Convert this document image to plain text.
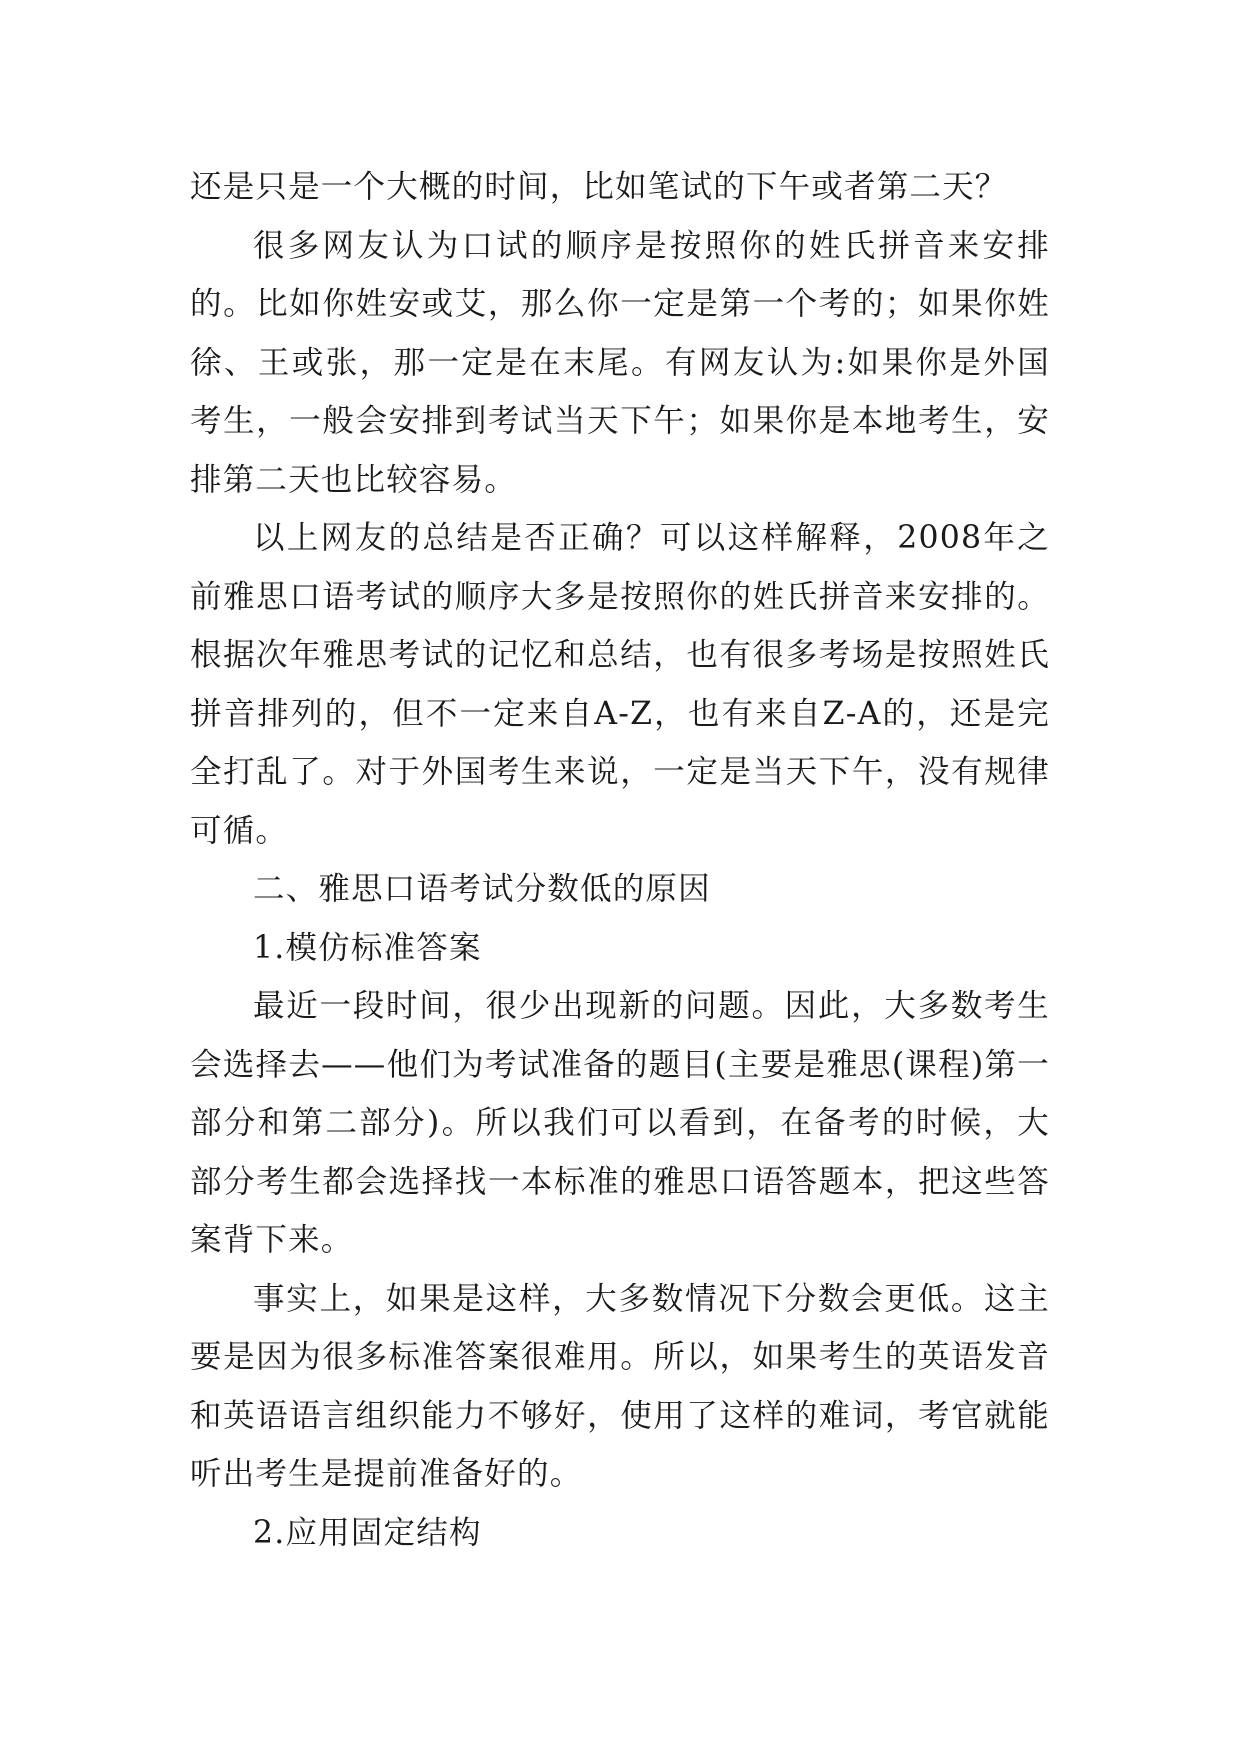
还是只是一个大概的时间，比如笔试的下午或者第二天？

很多网友认为口试的顺序是按照你的姓氏拼音来安排的。比如你姓安或艾，那么你一定是第一个考的；如果你姓徐、王或张，那一定是在末尾。有网友认为:如果你是外国考生，一般会安排到考试当天下午；如果你是本地考生，安排第二天也比较容易。

以上网友的总结是否正确？可以这样解释，2008年之前雅思口语考试的顺序大多是按照你的姓氏拼音来安排的。根据次年雅思考试的记忆和总结，也有很多考场是按照姓氏拼音排列的，但不一定来自A-Z，也有来自Z-A的，还是完全打乱了。对于外国考生来说，一定是当天下午，没有规律可循。

二、雅思口语考试分数低的原因

1.模仿标准答案

最近一段时间，很少出现新的问题。因此，大多数考生会选择去——他们为考试准备的题目(主要是雅思(课程)第一部分和第二部分)。所以我们可以看到，在备考的时候，大部分考生都会选择找一本标准的雅思口语答题本，把这些答案背下来。

事实上，如果是这样，大多数情况下分数会更低。这主要是因为很多标准答案很难用。所以，如果考生的英语发音和英语语言组织能力不够好，使用了这样的难词，考官就能听出考生是提前准备好的。

2.应用固定结构
